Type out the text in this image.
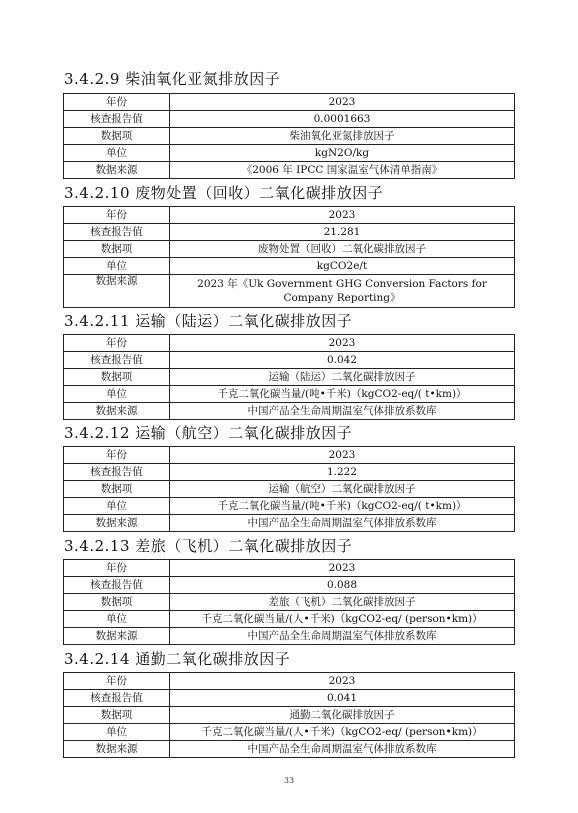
3.4.2.9 柴油氧化亚氮排放因子
年份	2023
核查报告值	0.0001663
数据项	柴油氧化亚氮排放因子
单位	kgN2O/kg
数据来源	《2006 年 IPCC 国家温室气体清单指南》
3.4.2.10 废物处置（回收）二氧化碳排放因子
年份	2023
核查报告值	21.281
数据项	废物处置（回收）二氧化碳排放因子
单位	kgCO2e/t
数据来源	2023 年《Uk Government GHG Conversion Factors for Company Reporting》
3.4.2.11 运输（陆运）二氧化碳排放因子
年份	2023
核查报告值	0.042
数据项	运输（陆运）二氧化碳排放因子
单位	千克二氧化碳当量/(吨•千米)（kgCO2-eq/( t•km)）
数据来源	中国产品全生命周期温室气体排放系数库
3.4.2.12 运输（航空）二氧化碳排放因子
年份	2023
核查报告值	1.222
数据项	运输（航空）二氧化碳排放因子
单位	千克二氧化碳当量/(吨•千米)（kgCO2-eq/( t•km)）
数据来源	中国产品全生命周期温室气体排放系数库
3.4.2.13 差旅（飞机）二氧化碳排放因子
年份	2023
核查报告值	0.088
数据项	差旅（飞机）二氧化碳排放因子
单位	千克二氧化碳当量/(人•千米)（kgCO2-eq/ (person•km)）
数据来源	中国产品全生命周期温室气体排放系数库
3.4.2.14 通勤二氧化碳排放因子
年份	2023
核查报告值	0.041
数据项	通勤二氧化碳排放因子
单位	千克二氧化碳当量/(人•千米)（kgCO2-eq/ (person•km)）
数据来源	中国产品全生命周期温室气体排放系数库
33
